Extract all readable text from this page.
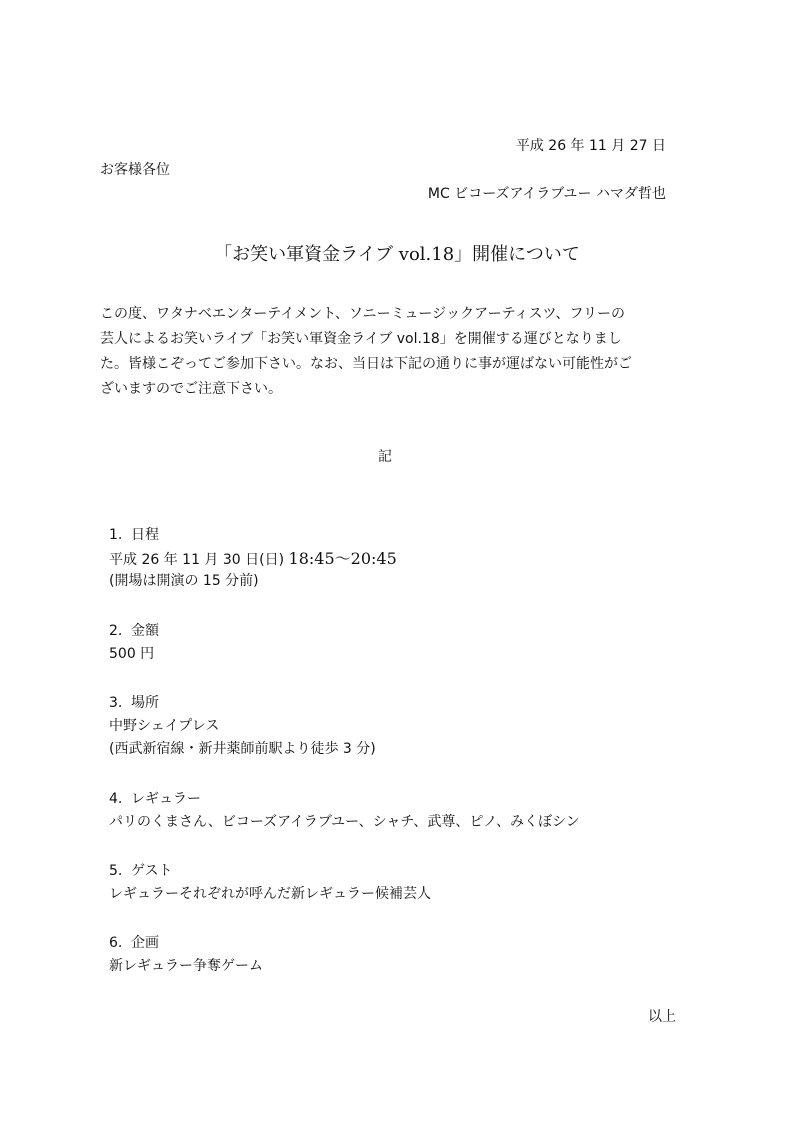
平成 26 年 11 月 27 日
お客様各位
MC ビコーズアイラブユー ハマダ哲也
「お笑い軍資金ライブ vol.18」開催について
この度、ワタナベエンターテイメント、ソニーミュージックアーティスツ、フリーの
芸人によるお笑いライブ「お笑い軍資金ライブ vol.18」を開催する運びとなりまし
た。皆様こぞってご参加下さい。なお、当日は下記の通りに事が運ばない可能性がご
ざいますのでご注意下さい。
記
1. 日程
平成 26 年 11 月 30 日(日) 18:45〜20:45
(開場は開演の 15 分前)
2. 金額
500 円
3. 場所
中野シェイプレス
(西武新宿線・新井薬師前駅より徒歩 3 分)
4. レギュラー
パリのくまさん、ビコーズアイラブユー、シャチ、武尊、ピノ、みくぼシン
5. ゲスト
レギュラーそれぞれが呼んだ新レギュラー候補芸人
6. 企画
新レギュラー争奪ゲーム
以上
